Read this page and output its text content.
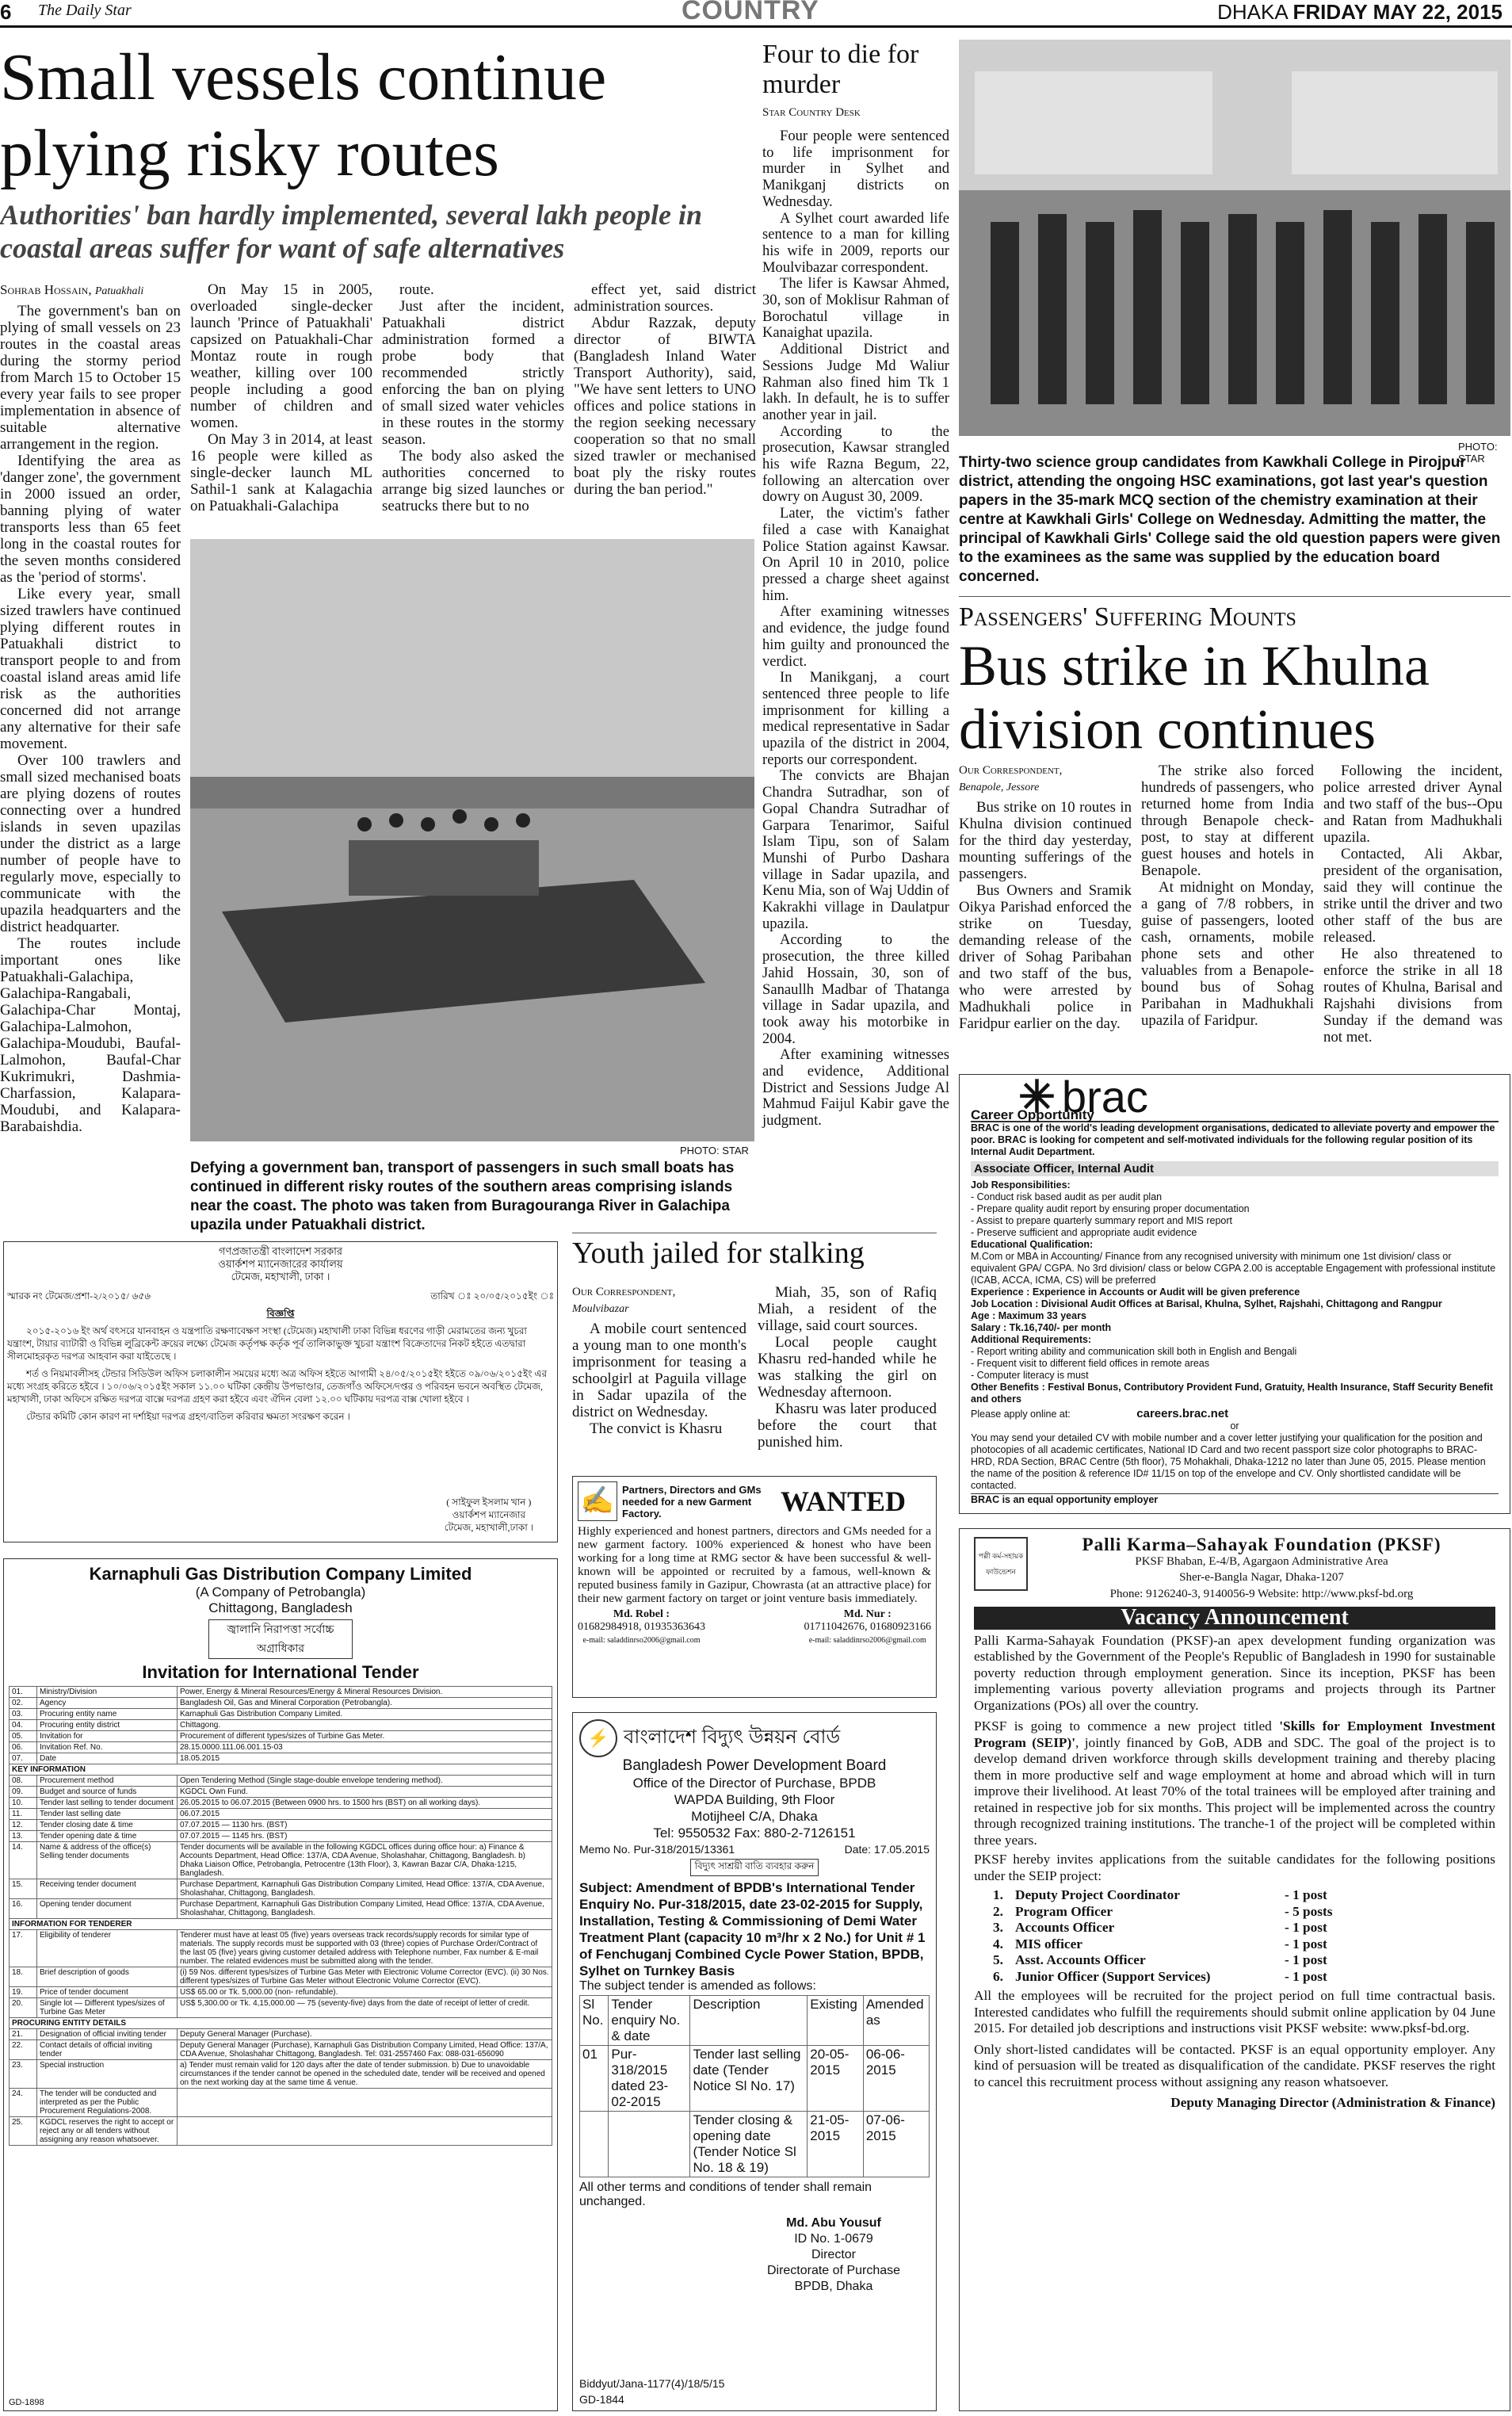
6 The Daily Star	COUNTRY	DHAKA FRIDAY MAY 22, 2015
Small vessels continue plying risky routes
Authorities' ban hardly implemented, several lakh people in coastal areas suffer for want of safe alternatives
Sohrab Hossain, Patuakhali

The government's ban on plying of small vessels on 23 routes in the coastal areas during the stormy period from March 15 to October 15 every year fails to see proper implementation in absence of suitable alternative arrangement in the region.

Identifying the area as 'danger zone', the government in 2000 issued an order, banning plying of water transports less than 65 feet long in the coastal routes for the seven months considered as the 'period of storms'.

Like every year, small sized trawlers have continued plying different routes in Patuakhali district to transport people to and from coastal island areas amid life risk as the authorities concerned did not arrange any alternative for their safe movement.

Over 100 trawlers and small sized mechanised boats are plying dozens of routes connecting over a hundred islands in seven upazilas under the district as a large number of people have to regularly move, especially to communicate with the upazila headquarters and the district headquarter.

The routes include important ones like Patuakhali-Galachipa, Galachipa-Rangabali, Galachipa-Char Montaj, Galachipa-Lalmohon, Galachipa-Moudubi, Baufal-Lalmohon, Baufal-Char Kukrimukri, Dashmia-Charfassion, Kalapara-Moudubi, and Kalapara-Barabaishdia.

On May 15 in 2005, overloaded single-decker launch 'Prince of Patuakhali' capsized on Patuakhali-Char Montaz route in rough weather, killing over 100 people including a good number of children and women.

On May 3 in 2014, at least 16 people were killed as single-decker launch ML Sathil-1 sank at Kalagachia on Patuakhali-Galachipa

route.

Just after the incident, Patuakhali district administration formed a probe body that recommended strictly enforcing the ban on plying of small sized water vehicles in these routes in the stormy season.

The body also asked the authorities concerned to arrange big sized launches or seatrucks there but to no

effect yet, said district administration sources.

Abdur Razzak, deputy director of BIWTA (Bangladesh Inland Water Transport Authority), said, "We have sent letters to UNO offices and police stations in the region seeking necessary cooperation so that no small sized trawler or mechanised boat ply the risky routes during the ban period."

PHOTO: STAR
Defying a government ban, transport of passengers in such small boats has continued in different risky routes of the southern areas comprising islands near the coast. The photo was taken from Buragouranga River in Galachipa upazila under Patuakhali district.
Four to die for murder
Star Country Desk

Four people were sentenced to life imprisonment for murder in Sylhet and Manikganj districts on Wednesday.

A Sylhet court awarded life sentence to a man for killing his wife in 2009, reports our Moulvibazar correspondent.

The lifer is Kawsar Ahmed, 30, son of Moklisur Rahman of Borochatul village in Kanaighat upazila.

Additional District and Sessions Judge Md Waliur Rahman also fined him Tk 1 lakh. In default, he is to suffer another year in jail.

According to the prosecution, Kawsar strangled his wife Razna Begum, 22, following an altercation over dowry on August 30, 2009.

Later, the victim's father filed a case with Kanaighat Police Station against Kawsar. On April 10 in 2010, police pressed a charge sheet against him.

After examining witnesses and evidence, the judge found him guilty and pronounced the verdict.

In Manikganj, a court sentenced three people to life imprisonment for killing a medical representative in Sadar upazila of the district in 2004, reports our correspondent.

The convicts are Bhajan Chandra Sutradhar, son of Gopal Chandra Sutradhar of Garpara Tenarimor, Saiful Islam Tipu, son of Salam Munshi of Purbo Dashara village in Sadar upazila, and Kenu Mia, son of Waj Uddin of Kakrakhi village in Daulatpur upazila.

According to the prosecution, the three killed Jahid Hossain, 30, son of Sanaullh Madbar of Thatanga village in Sadar upazila, and took away his motorbike in 2004.

After examining witnesses and evidence, Additional District and Sessions Judge Al Mahmud Faijul Kabir gave the judgment.

PHOTO: STAR
Thirty-two science group candidates from Kawkhali College in Pirojpur district, attending the ongoing HSC examinations, got last year's question papers in the 35-mark MCQ section of the chemistry examination at their centre at Kawkhali Girls' College on Wednesday. Admitting the matter, the principal of Kawkhali Girls' College said the old question papers were given to the examinees as the same was supplied by the education board concerned.
Passengers' Suffering Mounts
Bus strike in Khulna division continues
Our Correspondent,
Benapole, Jessore

Bus strike on 10 routes in Khulna division continued for the third day yesterday, mounting sufferings of the passengers.

Bus Owners and Sramik Oikya Parishad enforced the strike on Tuesday, demanding release of the driver of Sohag Paribahan and two staff of the bus, who were arrested by Madhukhali police in Faridpur earlier on the day.

The strike also forced hundreds of passengers, who returned home from India through Benapole check-post, to stay at different guest houses and hotels in Benapole.

At midnight on Monday, a gang of 7/8 robbers, in guise of passengers, looted cash, ornaments, mobile phone sets and other valuables from a Benapole-bound bus of Sohag Paribahan in Madhukhali upazila of Faridpur.

Following the incident, police arrested driver Aynal and two staff of the bus--Opu and Ratan from Madhukhali upazila.

Contacted, Ali Akbar, president of the organisation, said they will continue the strike until the driver and two other staff of the bus are released.

He also threatened to enforce the strike in all 18 routes of Khulna, Barisal and Rajshahi divisions from Sunday if the demand was not met.

Youth jailed for stalking
Our Correspondent,
Moulvibazar

A mobile court sentenced a young man to one month's imprisonment for teasing a schoolgirl at Paguila village in Sadar upazila of the district on Wednesday.

The convict is Khasru

Miah, 35, son of Rafiq Miah, a resident of the village, said court sources.

Local people caught Khasru red-handed while he was stalking the girl on Wednesday afternoon.

Khasru was later produced before the court that punished him.

গণপ্রজাতন্ত্রী বাংলাদেশ সরকার
ওয়ার্কশপ ম্যানেজারের কার্যালয়
টেমেজ, মহাখালী, ঢাকা ।
স্মারক নং টেমেজ/প্রশা-২/২০১৫/ ৬৫৬	তারিখ ঃ ২০/০৫/২০১৫ইং ঃ
বিজ্ঞপ্তি
২০১৫-২০১৬ ইং অর্থ বৎসরে যানবাহন ও যন্ত্রপাতি রক্ষণাবেক্ষণ সংস্থা (টেমেজ) মহাখালী ঢাকা বিভিন্ন ধরণের গাড়ী মেরামতের জন্য খুচরা যন্ত্রাংশ, টায়ার ব্যাটারী ও বিভিন্ন লুব্রিকেন্ট ক্রয়ের লক্ষ্যে টেমেজ কর্তৃপক্ষ কর্তৃক পূর্ব তালিকাভুক্ত খুচরা যন্ত্রাংশ বিক্রেতাদের নিকট হইতে এতদ্বারা সীলমোহরকৃত দরপত্র আহবান করা যাইতেছে ।
শর্ত ও নিয়মাবলীসহ টেন্ডার সিডিউল অফিস চলাকালীন সময়ের মধ্যে অত্র অফিস হইতে আগামী ২৪/০৫/২০১৫ইং হইতে ০৯/০৬/২০১৫ইং এর মধ্যে সংগ্রহ করিতে হইবে । ১০/০৬/২০১৫ইং সকাল ১১.০০ ঘটিকা কেন্দ্রীয় উপভাণ্ডার, তেজগাঁও অফিসে/দপ্তর ও পরিবহন ভবনে অবস্থিত টেমেজ, মহাখালী, ঢাকা অফিসে রক্ষিত দরপত্র বাক্সে দরপত্র গ্রহণ করা হইবে এবং ঐদিন বেলা ১২.০০ ঘটিকায় দরপত্র বাক্স খোলা হইবে ।
টেন্ডার কমিটি কোন কারণ না দর্শাইয়া দরপত্র গ্রহণ/বাতিল করিবার ক্ষমতা সংরক্ষণ করেন ।
( সাইফুল ইসলাম খান )
ওয়ার্কশপ ম্যানেজার
টেমেজ, মহাখালী,ঢাকা ।
Karnaphuli Gas Distribution Company Limited
(A Company of Petrobangla)
Chittagong, Bangladesh
জ্বালানি নিরাপত্তা সর্বোচ্চ অগ্রাধিকার
Invitation for International Tender
01.	Ministry/Division	Power, Energy & Mineral Resources/Energy & Mineral Resources Division.
02.	Agency	Bangladesh Oil, Gas and Mineral Corporation (Petrobangla).
03.	Procuring entity name	Karnaphuli Gas Distribution Company Limited.
04.	Procuring entity district	Chittagong.
05.	Invitation for	Procurement of different types/sizes of Turbine Gas Meter.
06.	Invitation Ref. No.	28.15.0000.111.06.001.15-03
07.	Date	18.05.2015
KEY INFORMATION		
08.	Procurement method	Open Tendering Method (Single stage-double envelope tendering method).
09.	Budget and source of funds	KGDCL Own Fund.
10.	Tender last selling to tender document	26.05.2015 to 06.07.2015 (Between 0900 hrs. to 1500 hrs (BST) on all working days).
11.	Tender last selling date	06.07.2015
12.	Tender closing date & time	07.07.2015 — 1130 hrs. (BST)
13.	Tender opening date & time	07.07.2015 — 1145 hrs. (BST)
14.	Name & address of the office(s) Selling tender documents	Tender documents will be available in the following KGDCL offices during office hour: a) Finance & Accounts Department, Head Office: 137/A, CDA Avenue, Sholashahar, Chittagong, Bangladesh. b) Dhaka Liaison Office, Petrobangla, Petrocentre (13th Floor), 3, Kawran Bazar C/A, Dhaka-1215, Bangladesh.
15.	Receiving tender document	Purchase Department, Karnaphuli Gas Distribution Company Limited, Head Office: 137/A, CDA Avenue, Sholashahar, Chittagong, Bangladesh.
16.	Opening tender document	Purchase Department, Karnaphuli Gas Distribution Company Limited, Head Office: 137/A, CDA Avenue, Sholashahar, Chittagong, Bangladesh.
INFORMATION FOR TENDERER		
17.	Eligibility of tenderer	Tenderer must have at least 05 (five) years overseas track records/supply records for similar type of materials. The supply records must be supported with 03 (three) copies of Purchase Order/Contract of the last 05 (five) years giving customer detailed address with Telephone number, Fax number & E-mail number. The related evidences must be submitted along with the tender.
18.	Brief description of goods	(i) 59 Nos. different types/sizes of Turbine Gas Meter with Electronic Volume Corrector (EVC). (ii) 30 Nos. different types/sizes of Turbine Gas Meter without Electronic Volume Corrector (EVC).
19.	Price of tender document	US$ 65.00 or Tk. 5,000.00 (non- refundable).
20.	Single lot — Different types/sizes of Turbine Gas Meter	US$ 5,300.00 or Tk. 4,15,000.00 — 75 (seventy-five) days from the date of receipt of letter of credit.
PROCURING ENTITY DETAILS		
21.	Designation of official inviting tender	Deputy General Manager (Purchase).
22.	Contact details of official inviting tender	Deputy General Manager (Purchase), Karnaphuli Gas Distribution Company Limited, Head Office: 137/A, CDA Avenue, Sholashahar Chittagong, Bangladesh. Tel: 031-2557460 Fax: 088-031-656090
23.	Special instruction	a) Tender must remain valid for 120 days after the date of tender submission. b) Due to unavoidable circumstances if the tender cannot be opened in the scheduled date, tender will be received and opened on the next working day at the same time & venue.
24.	The tender will be conducted and interpreted as per the Public Procurement Regulations-2008.	
25.	KGDCL reserves the right to accept or reject any or all tenders without assigning any reason whatsoever.	
GD-1898
✍ Partners, Directors and GMs needed for a new Garment Factory.	WANTED
Highly experienced and honest partners, directors and GMs needed for a new garment factory. 100% experienced & honest who have been working for a long time at RMG sector & have been successful & well-known will be appointed or recruited by a famous, well-known & reputed business family in Gazipur, Chowrasta (at an attractive place) for their new garment factory on target or joint venture basis immediately.
Md. Robel :
01682984918, 01935363643
e-mail: saladdinrso2006@gmail.com
Md. Nur :
01711042676, 01680923166
e-mail: saladdinrso2006@gmail.com
⚡ বাংলাদেশ বিদ্যুৎ উন্নয়ন বোর্ড
Bangladesh Power Development Board
Office of the Director of Purchase, BPDB
WAPDA Building, 9th Floor
Motijheel C/A, Dhaka
Tel: 9550532 Fax: 880-2-7126151
Memo No. Pur-318/2015/13361	Date: 17.05.2015
বিদ্যুৎ সাশ্রয়ী বাতি ব্যবহার করুন
Subject: Amendment of BPDB's International Tender Enquiry No. Pur-318/2015, date 23-02-2015 for Supply, Installation, Testing & Commissioning of Demi Water Treatment Plant (capacity 10 m³/hr x 2 No.) for Unit # 1 of Fenchuganj Combined Cycle Power Station, BPDB, Sylhet on Turnkey Basis
The subject tender is amended as follows:
Sl No.	Tender enquiry No. & date	Description	Existing	Amended as
01	Pur-318/2015 dated 23-02-2015	Tender last selling date (Tender Notice Sl No. 17)	20-05-2015	06-06-2015
		Tender closing & opening date (Tender Notice Sl No. 18 & 19)	21-05-2015	07-06-2015
All other terms and conditions of tender shall remain unchanged.
Md. Abu Yousuf
ID No. 1-0679
Director
Directorate of Purchase
BPDB, Dhaka
Biddyut/Jana-1177(4)/18/5/15
GD-1844
✳ brac
Career Opportunity
BRAC is one of the world's leading development organisations, dedicated to alleviate poverty and empower the poor. BRAC is looking for competent and self-motivated individuals for the following regular position of its Internal Audit Department.
Associate Officer, Internal Audit
Job Responsibilities:
- Conduct risk based audit as per audit plan
- Prepare quality audit report by ensuring proper documentation
- Assist to prepare quarterly summary report and MIS report
- Preserve sufficient and appropriate audit evidence
Educational Qualification:
M.Com or MBA in Accounting/ Finance from any recognised university with minimum one 1st division/ class or equivalent GPA/ CGPA. No 3rd division/ class or below CGPA 2.00 is acceptable Engagement with professional institute (ICAB, ACCA, ICMA, CS) will be preferred
Experience : Experience in Accounts or Audit will be given preference
Job Location : Divisional Audit Offices at Barisal, Khulna, Sylhet, Rajshahi, Chittagong and Rangpur
Age : Maximum 33 years
Salary : Tk.16,740/- per month
Additional Requirements:
- Report writing ability and communication skill both in English and Bengali
- Frequent visit to different field offices in remote areas
- Computer literacy is must
Other Benefits : Festival Bonus, Contributory Provident Fund, Gratuity, Health Insurance, Staff Security Benefit and others
Please apply online at:	careers.brac.net
or
You may send your detailed CV with mobile number and a cover letter justifying your qualification for the position and photocopies of all academic certificates, National ID Card and two recent passport size color photographs to BRAC-HRD, RDA Section, BRAC Centre (5th floor), 75 Mohakhali, Dhaka-1212 no later than June 05, 2015. Please mention the name of the position & reference ID# 11/15 on top of the envelope and CV. Only shortlisted candidate will be contacted.
BRAC is an equal opportunity employer
পল্লী কর্ম-সহায়ক ফাউন্ডেশন
Palli Karma–Sahayak Foundation (PKSF)
PKSF Bhaban, E-4/B, Agargaon Administrative Area
Sher-e-Bangla Nagar, Dhaka-1207
Phone: 9126240-3, 9140056-9 Website: http://www.pksf-bd.org
Vacancy Announcement
Palli Karma-Sahayak Foundation (PKSF)-an apex development funding organization was established by the Government of the People's Republic of Bangladesh in 1990 for sustainable poverty reduction through employment generation. Since its inception, PKSF has been implementing various poverty alleviation programs and projects through its Partner Organizations (POs) all over the country.
PKSF is going to commence a new project titled 'Skills for Employment Investment Program (SEIP)', jointly financed by GoB, ADB and SDC. The goal of the project is to develop demand driven workforce through skills development training and thereby placing them in more productive self and wage employment at home and abroad which will in turn improve their livelihood. At least 70% of the total trainees will be employed after training and retained in respective job for six months. This project will be implemented across the country through recognized training institutions. The tranche-1 of the project will be completed within three years.
PKSF hereby invites applications from the suitable candidates for the following positions under the SEIP project:
1. Deputy Project Coordinator	- 1 post
2. Program Officer	- 5 posts
3. Accounts Officer	- 1 post
4. MIS officer	- 1 post
5. Asst. Accounts Officer	- 1 post
6. Junior Officer (Support Services)	- 1 post
All the employees will be recruited for the project period on full time contractual basis. Interested candidates who fulfill the requirements should submit online application by 04 June 2015. For detailed job descriptions and instructions visit PKSF website: www.pksf-bd.org.
Only short-listed candidates will be contacted. PKSF is an equal opportunity employer. Any kind of persuasion will be treated as disqualification of the candidate. PKSF reserves the right to cancel this recruitment process without assigning any reason whatsoever.
Deputy Managing Director (Administration & Finance)
